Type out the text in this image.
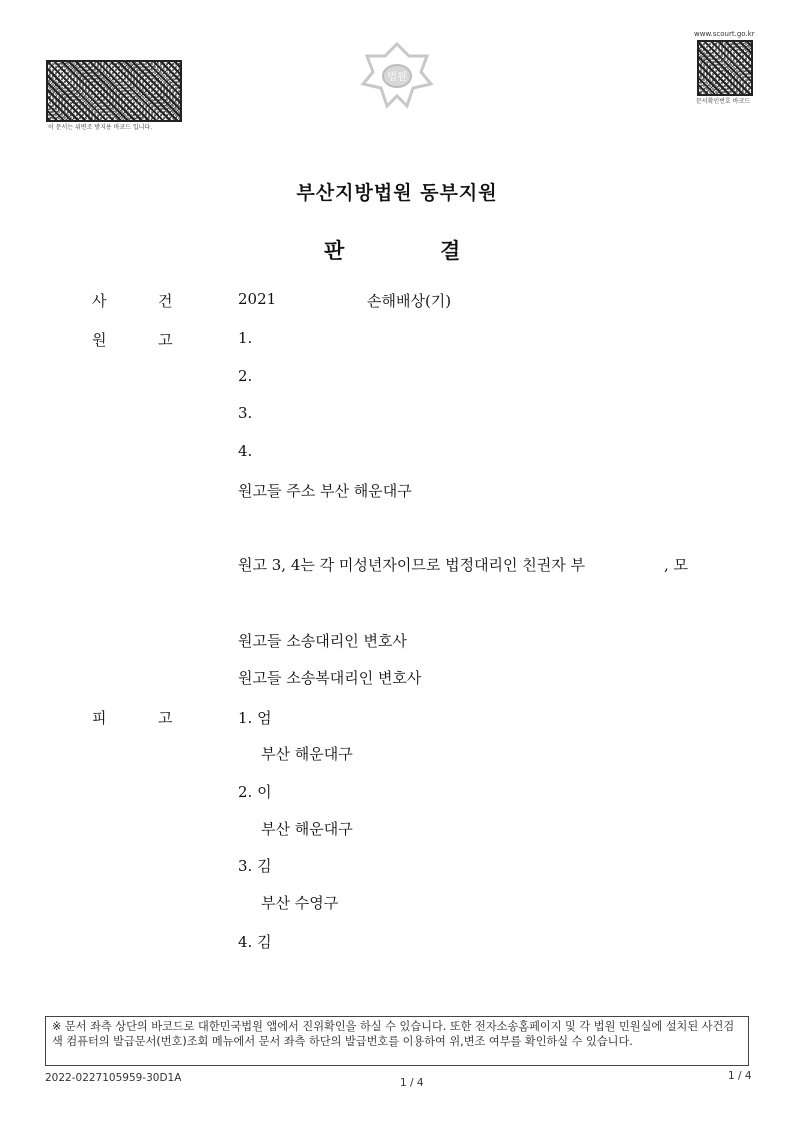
이 문서는 위변조 방지용 바코드 입니다.
법원
www.scourt.go.kr
문서확인번호 바코드
부산지방법원 동부지원
판	결
사	건	2021	손해배상(기)
원	고	1.
2.
3.
4.
원고들 주소 부산 해운대구
원고 3, 4는 각 미성년자이므로 법정대리인 친권자 부	, 모
원고들 소송대리인 변호사
원고들 소송복대리인 변호사
피	고	1. 엄
부산 해운대구
2. 이
부산 해운대구
3. 김
부산 수영구
4. 김
※ 문서 좌측 상단의 바코드로 대한민국법원 앱에서 진위확인을 하실 수 있습니다. 또한 전자소송홈페이지 및 각 법원 민원실에 설치된 사건검색 컴퓨터의 발급문서(번호)조회 메뉴에서 문서 좌측 하단의 발급번호를 이용하여 위,변조 여부를 확인하실 수 있습니다.
2022-0227105959-30D1A	1 / 4
1 / 4
